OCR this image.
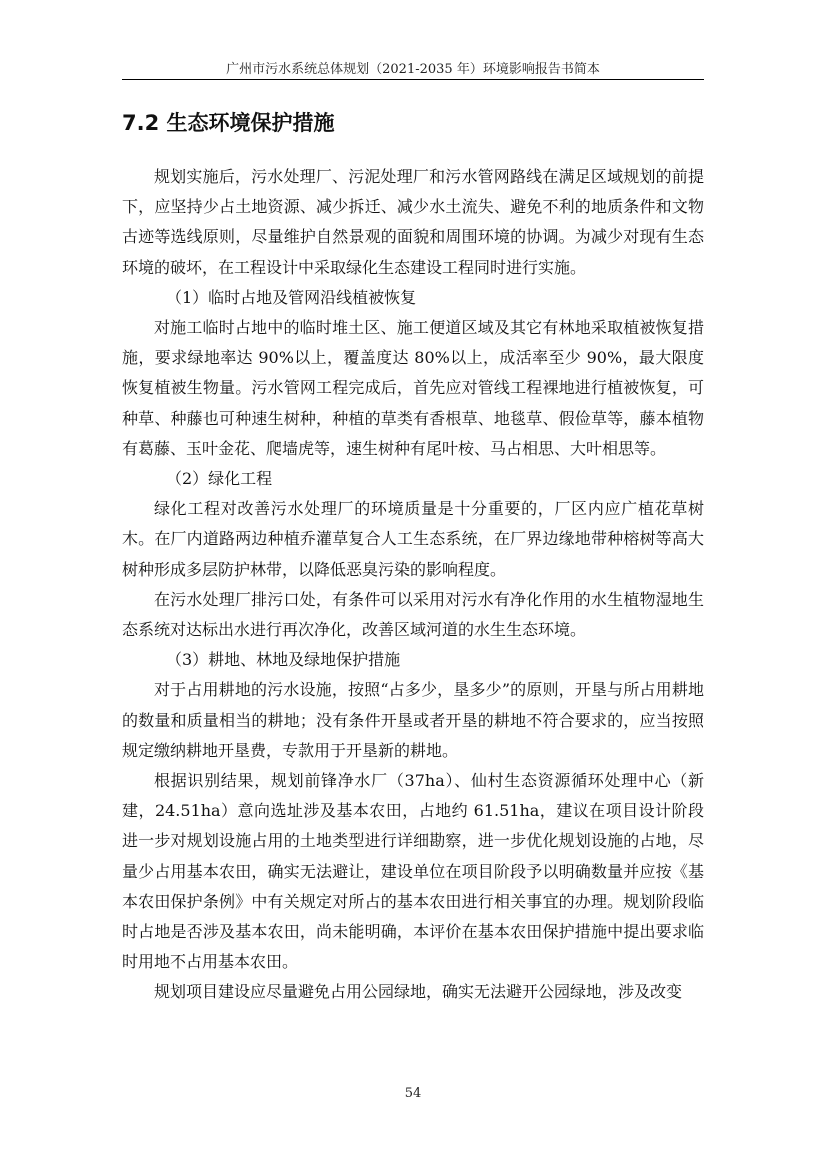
广州市污水系统总体规划（2021-2035 年）环境影响报告书简本
7.2 生态环境保护措施

规划实施后，污水处理厂、污泥处理厂和污水管网路线在满足区域规划的前提下，应坚持少占土地资源、减少拆迁、减少水土流失、避免不利的地质条件和文物古迹等选线原则，尽量维护自然景观的面貌和周围环境的协调。为减少对现有生态环境的破坏，在工程设计中采取绿化生态建设工程同时进行实施。

（1）临时占地及管网沿线植被恢复

对施工临时占地中的临时堆土区、施工便道区域及其它有林地采取植被恢复措施，要求绿地率达 90%以上，覆盖度达 80%以上，成活率至少 90%，最大限度恢复植被生物量。污水管网工程完成后，首先应对管线工程裸地进行植被恢复，可种草、种藤也可种速生树种，种植的草类有香根草、地毯草、假俭草等，藤本植物有葛藤、玉叶金花、爬墙虎等，速生树种有尾叶桉、马占相思、大叶相思等。

（2）绿化工程

绿化工程对改善污水处理厂的环境质量是十分重要的，厂区内应广植花草树木。在厂内道路两边种植乔灌草复合人工生态系统，在厂界边缘地带种榕树等高大树种形成多层防护林带，以降低恶臭污染的影响程度。

在污水处理厂排污口处，有条件可以采用对污水有净化作用的水生植物湿地生态系统对达标出水进行再次净化，改善区域河道的水生生态环境。

（3）耕地、林地及绿地保护措施

对于占用耕地的污水设施，按照“占多少，垦多少”的原则，开垦与所占用耕地的数量和质量相当的耕地；没有条件开垦或者开垦的耕地不符合要求的，应当按照规定缴纳耕地开垦费，专款用于开垦新的耕地。

根据识别结果，规划前锋净水厂（37ha）、仙村生态资源循环处理中心（新建，24.51ha）意向选址涉及基本农田，占地约 61.51ha，建议在项目设计阶段进一步对规划设施占用的土地类型进行详细勘察，进一步优化规划设施的占地，尽量少占用基本农田，确实无法避让，建设单位在项目阶段予以明确数量并应按《基本农田保护条例》中有关规定对所占的基本农田进行相关事宜的办理。规划阶段临时占地是否涉及基本农田，尚未能明确，本评价在基本农田保护措施中提出要求临时用地不占用基本农田。

规划项目建设应尽量避免占用公园绿地，确实无法避开公园绿地，涉及改变

54
